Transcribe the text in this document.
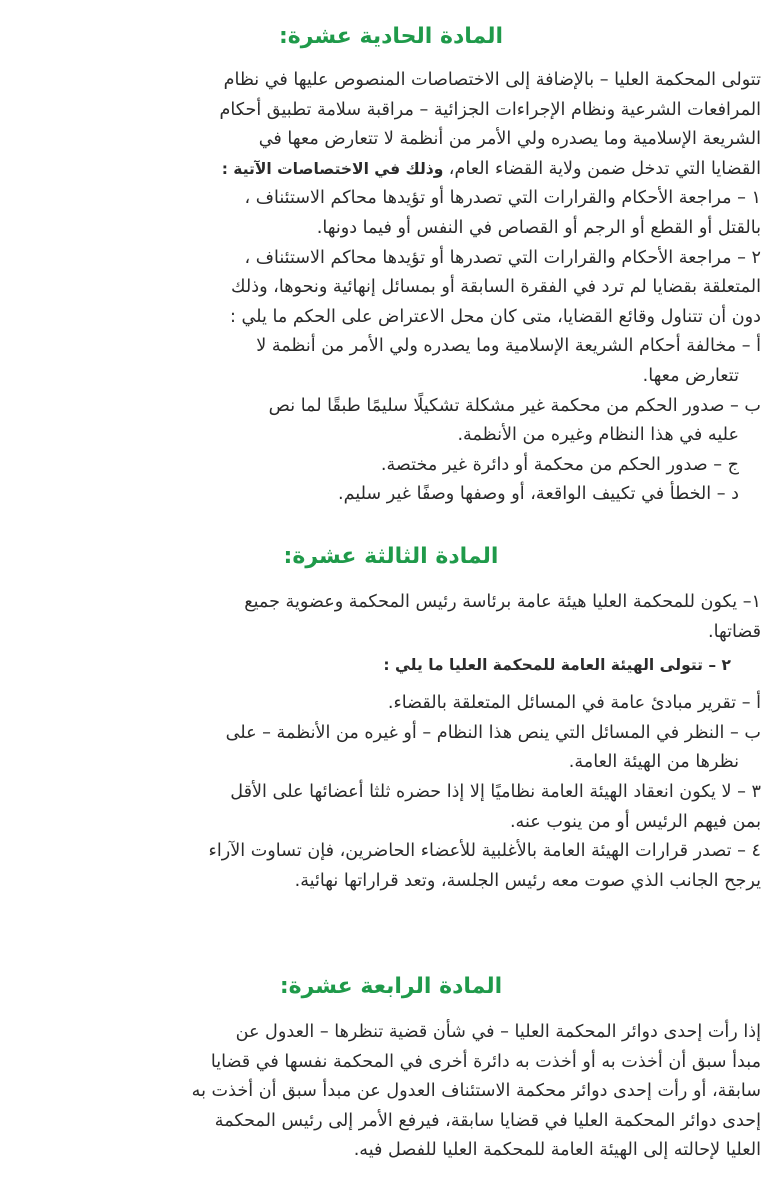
المادة الحادية عشرة:

تتولى المحكمة العليا – بالإضافة إلى الاختصاصات المنصوص عليها في نظام

المرافعات الشرعية ونظام الإجراءات الجزائية – مراقبة سلامة تطبيق أحكام

الشريعة الإسلامية وما يصدره ولي الأمر من أنظمة لا تتعارض معها في

القضايا التي تدخل ضمن ولاية القضاء العام، وذلك في الاختصاصات الآتية :

١ – مراجعة الأحكام والقرارات التي تصدرها أو تؤيدها محاكم الاستئناف ،

بالقتل أو القطع أو الرجم أو القصاص في النفس أو فيما دونها.

٢ – مراجعة الأحكام والقرارات التي تصدرها أو تؤيدها محاكم الاستئناف ،

المتعلقة بقضايا لم ترد في الفقرة السابقة أو بمسائل إنهائية ونحوها، وذلك

دون أن تتناول وقائع القضايا، متى كان محل الاعتراض على الحكم ما يلي :

أ – مخالفة أحكام الشريعة الإسلامية وما يصدره ولي الأمر من أنظمة لا

تتعارض معها.

ب – صدور الحكم من محكمة غير مشكلة تشكيلًا سليمًا طبقًا لما نص

عليه في هذا النظام وغيره من الأنظمة.

ج – صدور الحكم من محكمة أو دائرة غير مختصة.

د – الخطأ في تكييف الواقعة، أو وصفها وصفًا غير سليم.

المادة الثالثة عشرة:

١– يكون للمحكمة العليا هيئة عامة برئاسة رئيس المحكمة وعضوية جميع

قضاتها.

٢ – تتولى الهيئة العامة للمحكمة العليا ما يلي :

أ – تقرير مبادئ عامة في المسائل المتعلقة بالقضاء.

ب – النظر في المسائل التي ينص هذا النظام – أو غيره من الأنظمة – على

نظرها من الهيئة العامة.

٣ – لا يكون انعقاد الهيئة العامة نظاميًا إلا إذا حضره ثلثا أعضائها على الأقل

بمن فيهم الرئيس أو من ينوب عنه.

٤ – تصدر قرارات الهيئة العامة بالأغلبية للأعضاء الحاضرين، فإن تساوت الآراء

يرجح الجانب الذي صوت معه رئيس الجلسة، وتعد قراراتها نهائية.

المادة الرابعة عشرة:

إذا رأت إحدى دوائر المحكمة العليا – في شأن قضية تنظرها – العدول عن

مبدأ سبق أن أخذت به أو أخذت به دائرة أخرى في المحكمة نفسها في قضايا

سابقة، أو رأت إحدى دوائر محكمة الاستئناف العدول عن مبدأ سبق أن أخذت به

إحدى دوائر المحكمة العليا في قضايا سابقة، فيرفع الأمر إلى رئيس المحكمة

العليا لإحالته إلى الهيئة العامة للمحكمة العليا للفصل فيه.
